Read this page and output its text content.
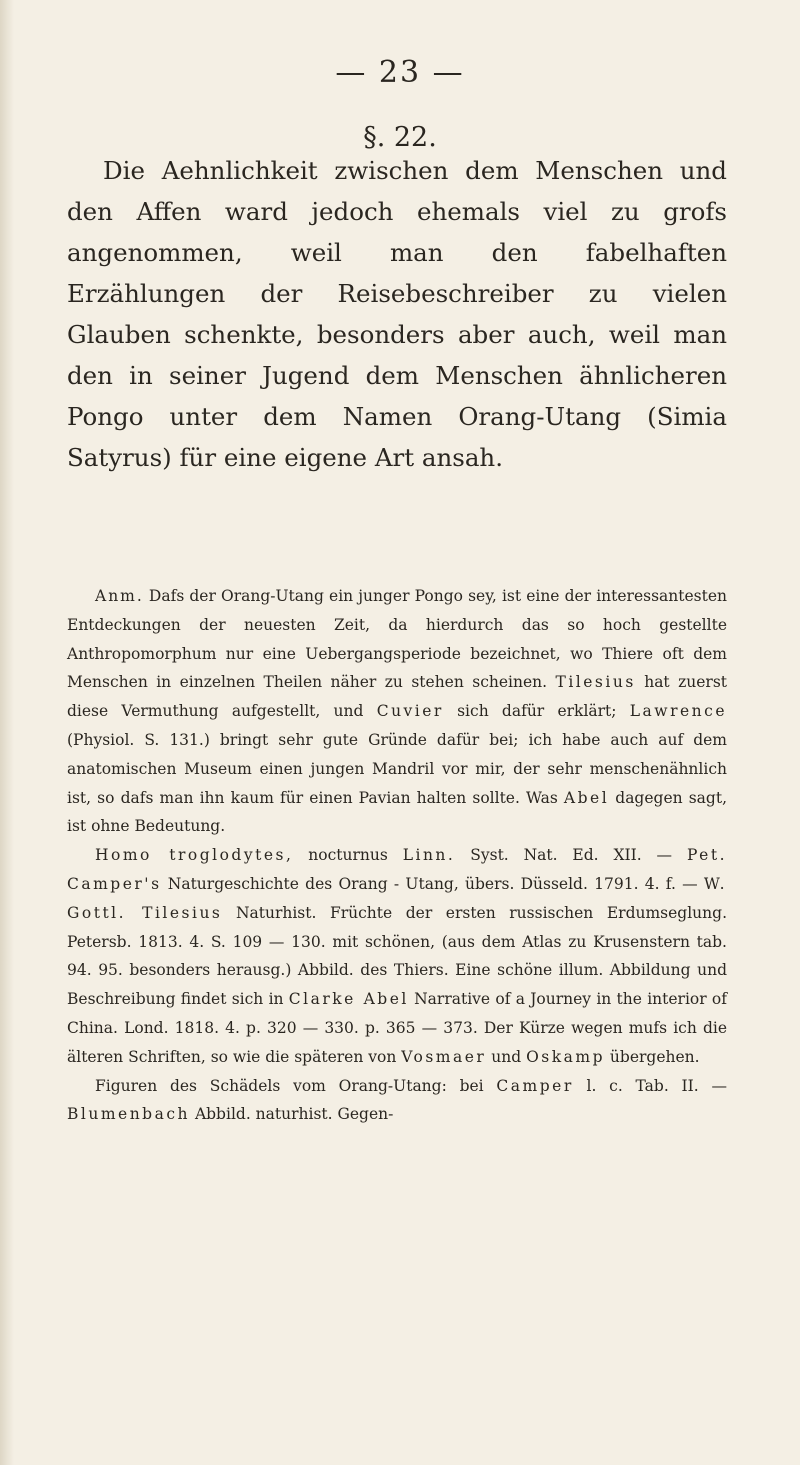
— 23 —
§. 22.

Die Aehnlichkeit zwischen dem Menschen und den Affen ward jedoch ehemals viel zu grofs angenommen, weil man den fabelhaften Erzählungen der Reisebeschreiber zu vielen Glauben schenkte, besonders aber auch, weil man den in seiner Jugend dem Menschen ähnlicheren Pongo unter dem Namen Orang-Utang (Simia Satyrus) für eine eigene Art ansah.

Anm. Dafs der Orang-Utang ein junger Pongo sey, ist eine der interessantesten Entdeckungen der neuesten Zeit, da hierdurch das so hoch gestellte Anthropomorphum nur eine Uebergangsperiode bezeichnet, wo Thiere oft dem Menschen in einzelnen Theilen näher zu stehen scheinen. Tilesius hat zuerst diese Vermuthung aufgestellt, und Cuvier sich dafür erklärt; Lawrence (Physiol. S. 131.) bringt sehr gute Gründe dafür bei; ich habe auch auf dem anatomischen Museum einen jungen Mandril vor mir, der sehr menschenähnlich ist, so dafs man ihn kaum für einen Pavian halten sollte. Was Abel dagegen sagt, ist ohne Bedeutung.

Homo troglodytes, nocturnus Linn. Syst. Nat. Ed. XII. — Pet. Camper's Naturgeschichte des Orang - Utang, übers. Düsseld. 1791. 4. f. — W. Gottl. Tilesius Naturhist. Früchte der ersten russischen Erdumseglung. Petersb. 1813. 4. S. 109 — 130. mit schönen, (aus dem Atlas zu Krusenstern tab. 94. 95. besonders herausg.) Abbild. des Thiers. Eine schöne illum. Abbildung und Beschreibung findet sich in Clarke Abel Narrative of a Journey in the interior of China. Lond. 1818. 4. p. 320 — 330. p. 365 — 373. Der Kürze wegen mufs ich die älteren Schriften, so wie die späteren von Vosmaer und Oskamp übergehen.

Figuren des Schädels vom Orang-Utang: bei Camper l. c. Tab. II. — Blumenbach Abbild. naturhist. Gegen-
